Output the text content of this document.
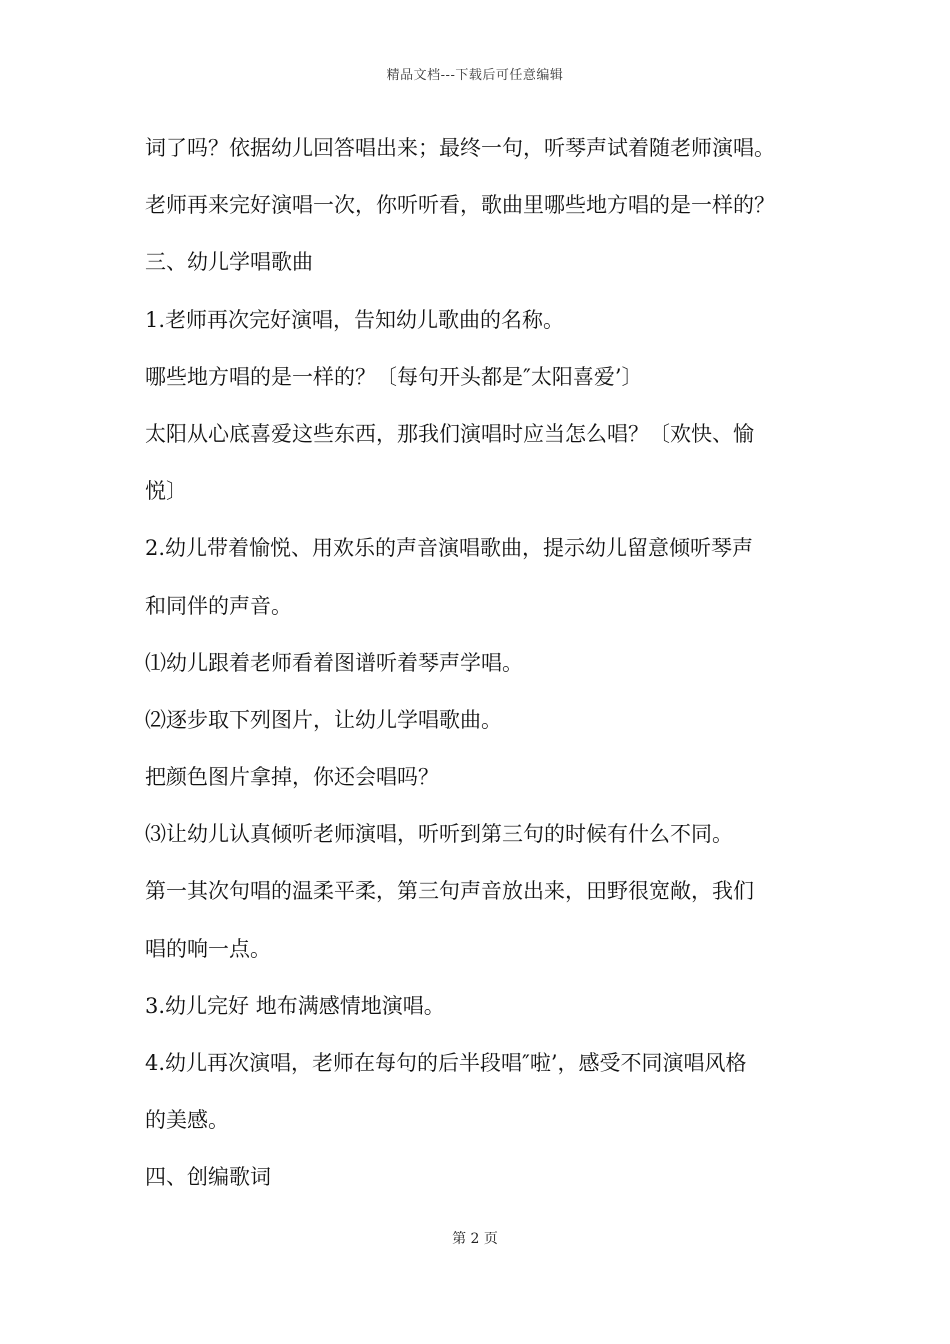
精品文档---下载后可任意编辑
词了吗？依据幼儿回答唱出来；最终一句，听琴声试着随老师演唱。
老师再来完好演唱一次，你听听看，歌曲里哪些地方唱的是一样的？
三、幼儿学唱歌曲
1.老师再次完好演唱，告知幼儿歌曲的名称。
哪些地方唱的是一样的？〔每句开头都是″太阳喜爱’〕
太阳从心底喜爱这些东西，那我们演唱时应当怎么唱？〔欢快、愉
悦〕
2.幼儿带着愉悦、用欢乐的声音演唱歌曲，提示幼儿留意倾听琴声
和同伴的声音。
⑴幼儿跟着老师看着图谱听着琴声学唱。
⑵逐步取下列图片，让幼儿学唱歌曲。
把颜色图片拿掉，你还会唱吗？
⑶让幼儿认真倾听老师演唱，听听到第三句的时候有什么不同。
第一其次句唱的温柔平柔，第三句声音放出来，田野很宽敞，我们
唱的响一点。
3.幼儿完好 地布满感情地演唱。
4.幼儿再次演唱，老师在每句的后半段唱″啦’，感受不同演唱风格
的美感。
四、创编歌词
第 2 页
